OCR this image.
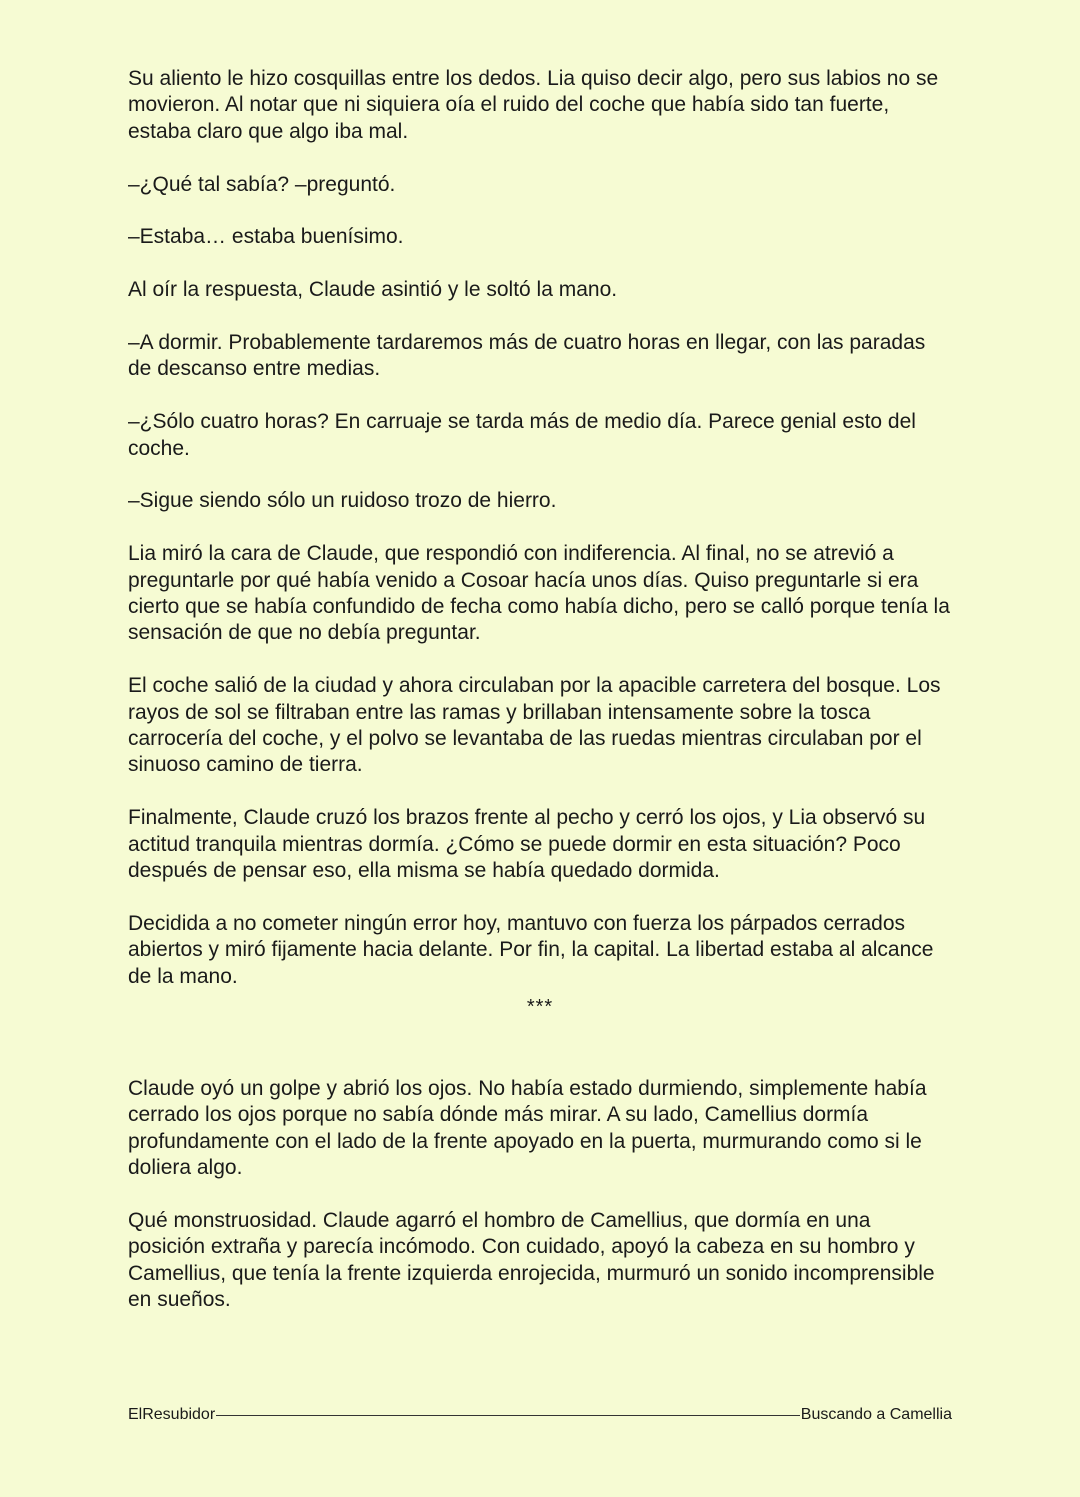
Su aliento le hizo cosquillas entre los dedos. Lia quiso decir algo, pero sus labios no se movieron. Al notar que ni siquiera oía el ruido del coche que había sido tan fuerte, estaba claro que algo iba mal.

–¿Qué tal sabía? –preguntó.

–Estaba… estaba buenísimo.

Al oír la respuesta, Claude asintió y le soltó la mano.

–A dormir. Probablemente tardaremos más de cuatro horas en llegar, con las paradas de descanso entre medias.

–¿Sólo cuatro horas? En carruaje se tarda más de medio día. Parece genial esto del coche.

–Sigue siendo sólo un ruidoso trozo de hierro.

Lia miró la cara de Claude, que respondió con indiferencia. Al final, no se atrevió a preguntarle por qué había venido a Cosoar hacía unos días. Quiso preguntarle si era cierto que se había confundido de fecha como había dicho, pero se calló porque tenía la sensación de que no debía preguntar.

El coche salió de la ciudad y ahora circulaban por la apacible carretera del bosque. Los rayos de sol se filtraban entre las ramas y brillaban intensamente sobre la tosca carrocería del coche, y el polvo se levantaba de las ruedas mientras circulaban por el sinuoso camino de tierra.

Finalmente, Claude cruzó los brazos frente al pecho y cerró los ojos, y Lia observó su actitud tranquila mientras dormía. ¿Cómo se puede dormir en esta situación? Poco después de pensar eso, ella misma se había quedado dormida.

Decidida a no cometer ningún error hoy, mantuvo con fuerza los párpados cerrados abiertos y miró fijamente hacia delante. Por fin, la capital. La libertad estaba al alcance de la mano.

***

Claude oyó un golpe y abrió los ojos. No había estado durmiendo, simplemente había cerrado los ojos porque no sabía dónde más mirar. A su lado, Camellius dormía profundamente con el lado de la frente apoyado en la puerta, murmurando como si le doliera algo.

Qué monstruosidad. Claude agarró el hombro de Camellius, que dormía en una posición extraña y parecía incómodo. Con cuidado, apoyó la cabeza en su hombro y Camellius, que tenía la frente izquierda enrojecida, murmuró un sonido incomprensible en sueños.

ElResubidor	Buscando a Camellia
